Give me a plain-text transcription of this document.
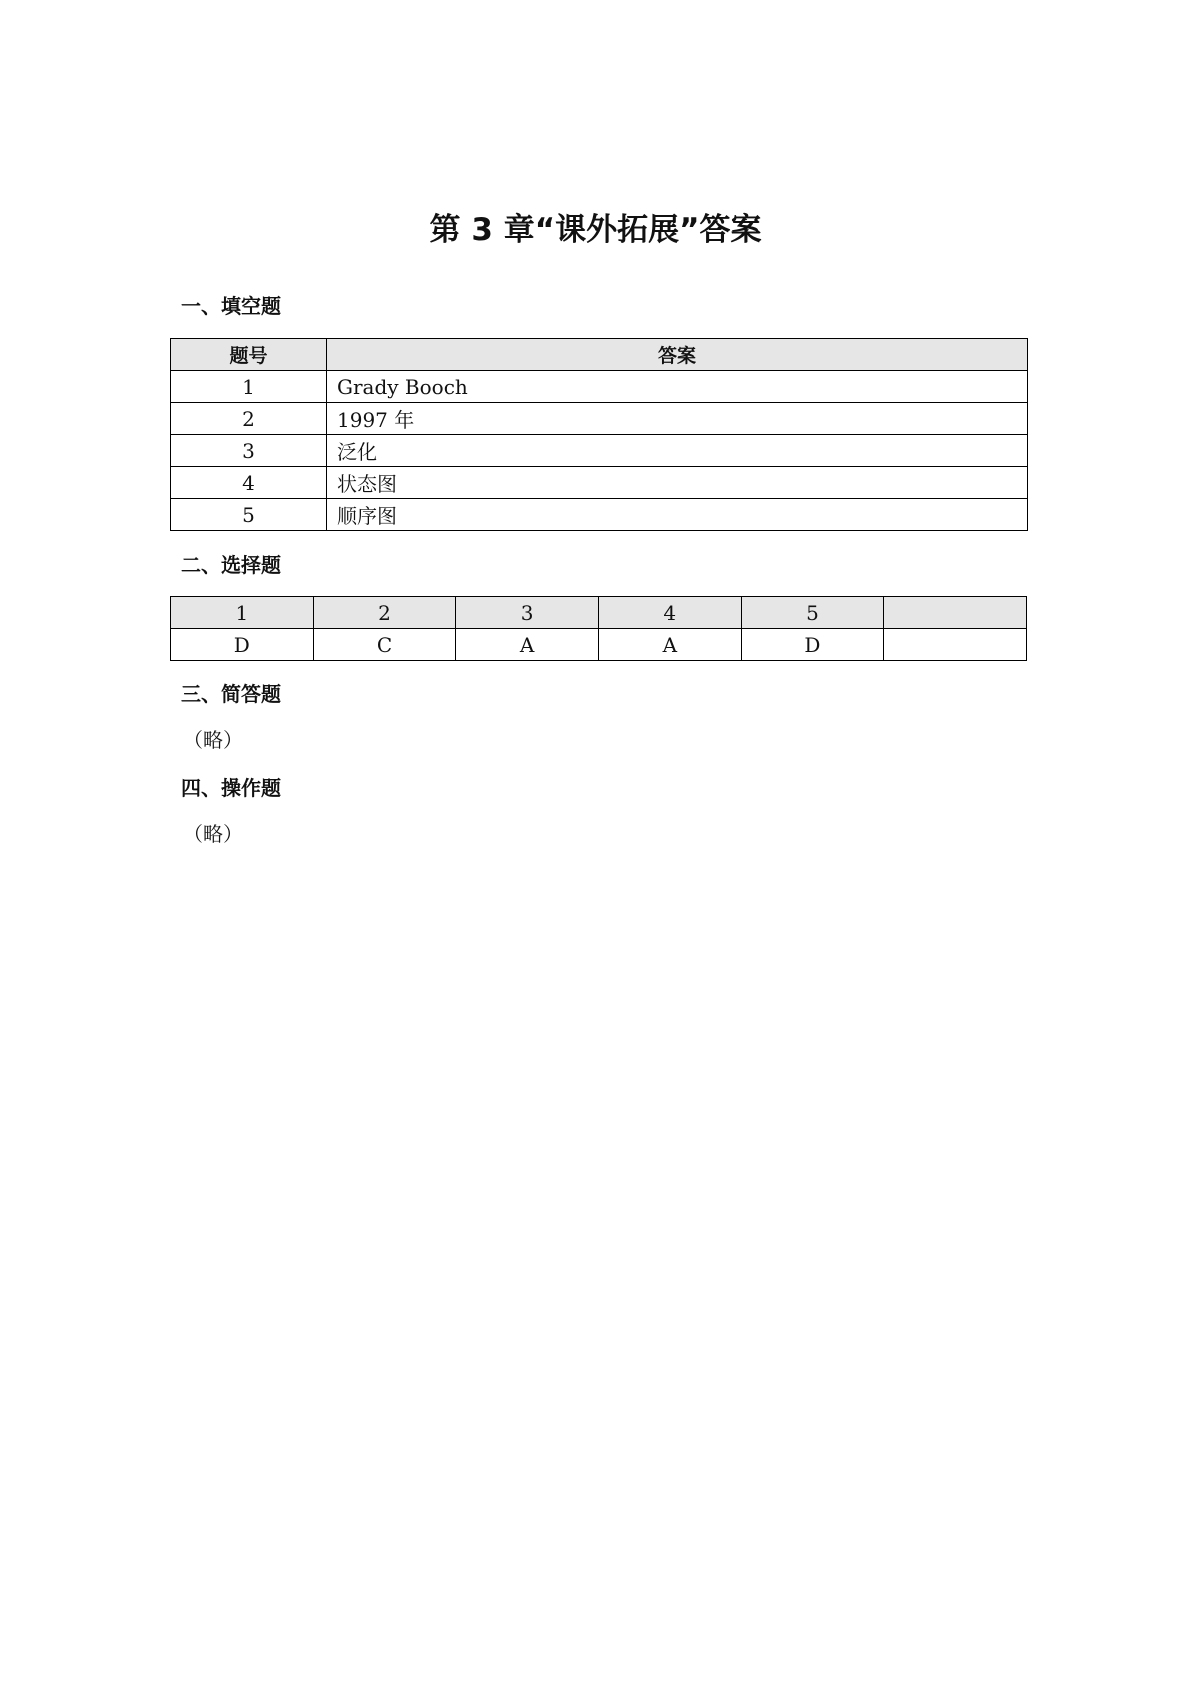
第 3 章“课外拓展”答案
一、填空题
题号	答案
1	Grady Booch
2	1997 年
3	泛化
4	状态图
5	顺序图
二、选择题
1	2	3	4	5	
D	C	A	A	D	
三、简答题

（略）

四、操作题

（略）
